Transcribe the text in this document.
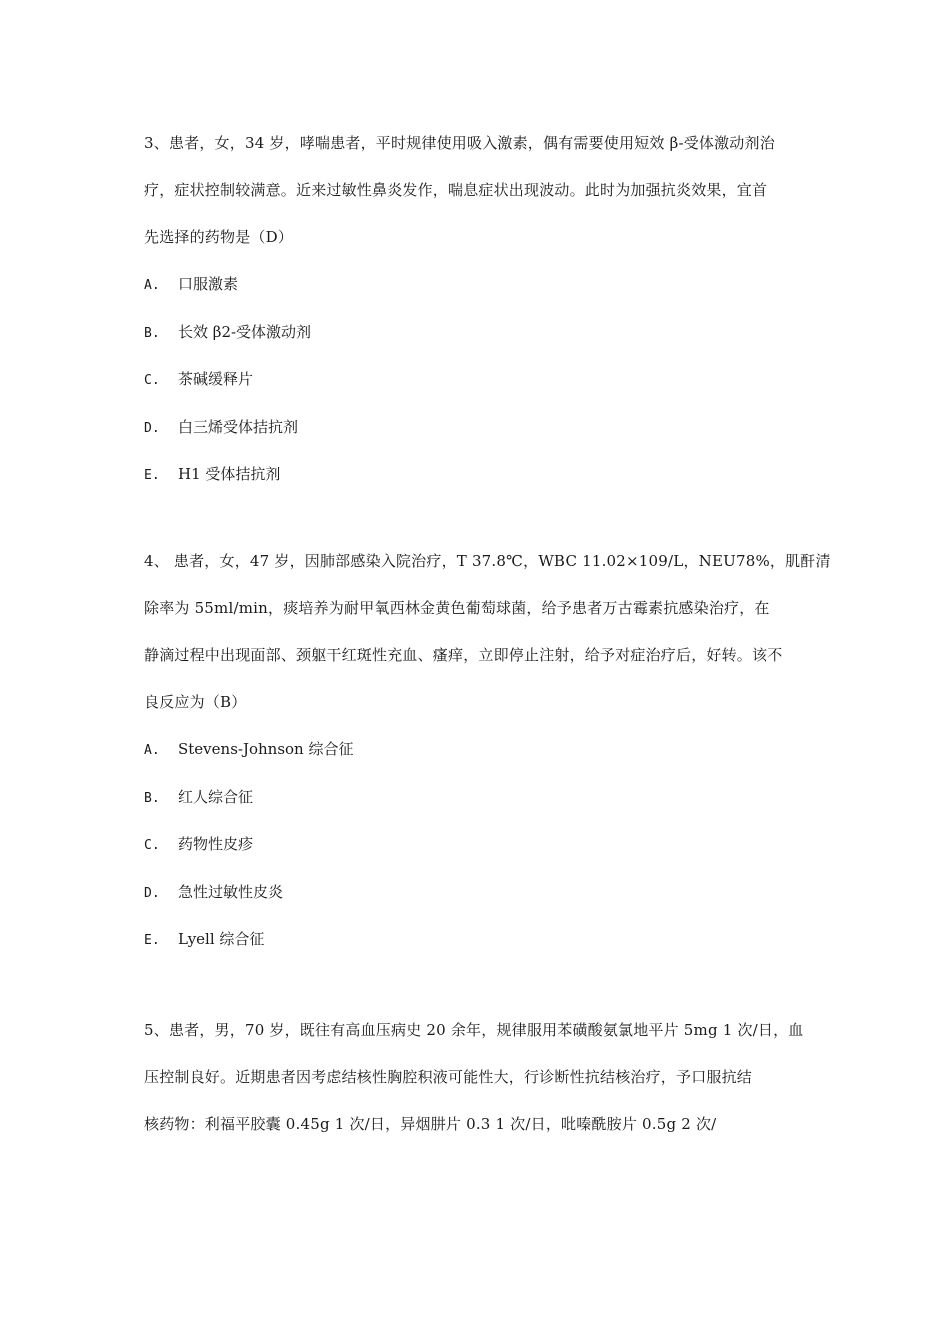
3、患者，女，34 岁，哮喘患者，平时规律使用吸入激素，偶有需要使用短效 β-受体激动剂治
疗，症状控制较满意。近来过敏性鼻炎发作，喘息症状出现波动。此时为加强抗炎效果，宜首
先选择的药物是（D）
A. 口服激素
B. 长效 β2-受体激动剂
C. 茶碱缓释片
D. 白三烯受体拮抗剂
E. H1 受体拮抗剂
4、 患者，女，47 岁，因肺部感染入院治疗，T 37.8℃，WBC 11.02×109/L，NEU78%，肌酐清
除率为 55ml/min，痰培养为耐甲氧西林金黄色葡萄球菌，给予患者万古霉素抗感染治疗，在
静滴过程中出现面部、颈躯干红斑性充血、瘙痒，立即停止注射，给予对症治疗后，好转。该不
良反应为（B）
A. Stevens-Johnson 综合征
B. 红人综合征
C. 药物性皮疹
D. 急性过敏性皮炎
E. Lyell 综合征
5、患者，男，70 岁，既往有高血压病史 20 余年，规律服用苯磺酸氨氯地平片 5mg 1 次/日，血
压控制良好。近期患者因考虑结核性胸腔积液可能性大，行诊断性抗结核治疗，予口服抗结
核药物：利福平胶囊 0.45g 1 次/日，异烟肼片 0.3 1 次/日，吡嗪酰胺片 0.5g 2 次/
